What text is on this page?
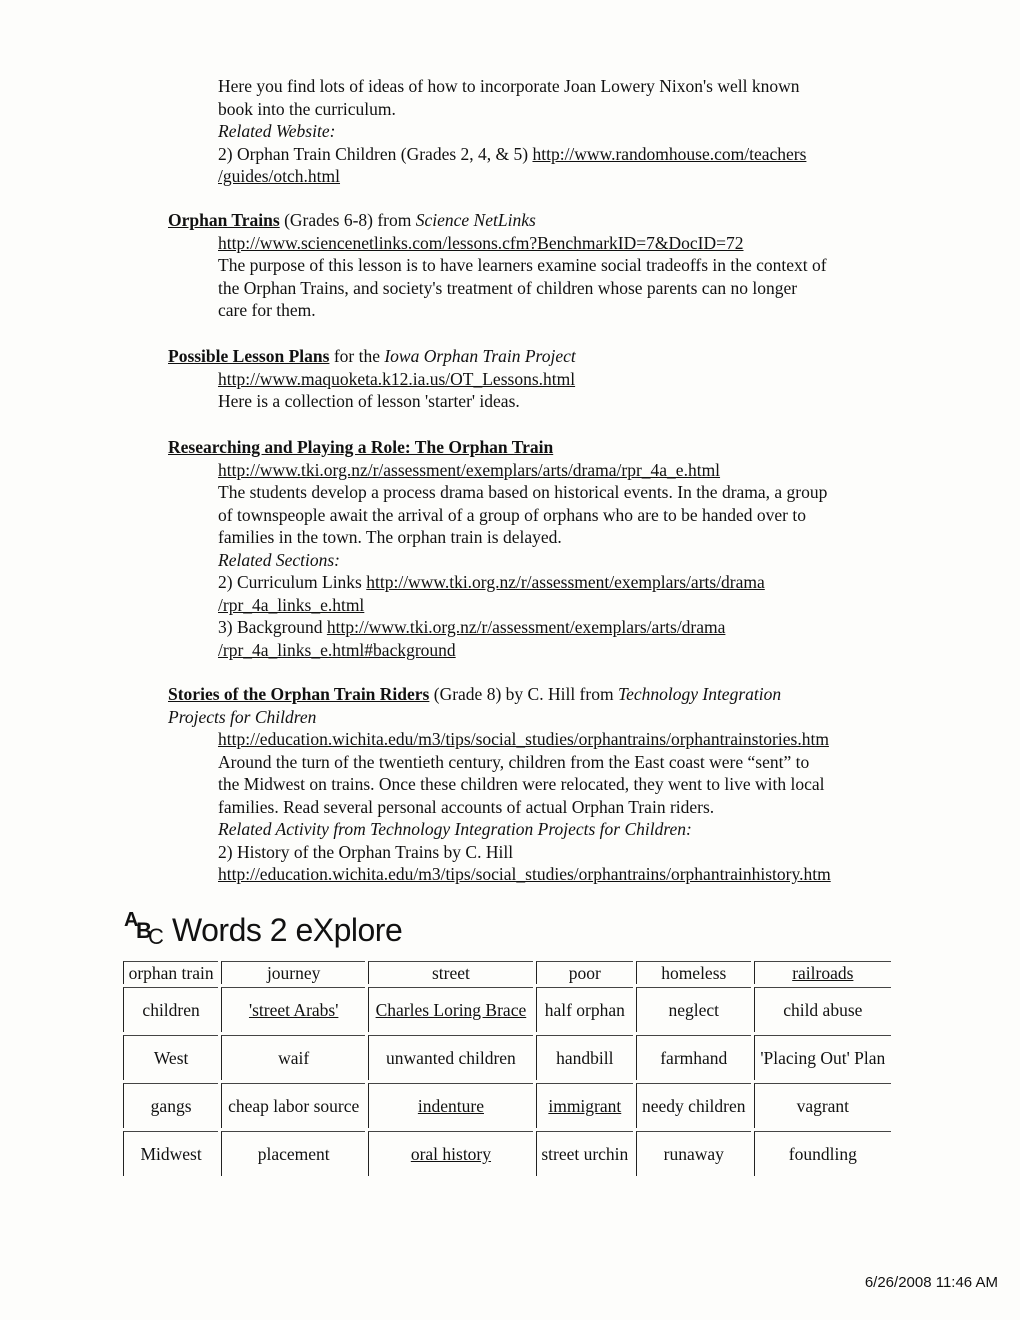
Here you find lots of ideas of how to incorporate Joan Lowery Nixon's well known
book into the curriculum.
Related Website:
2) Orphan Train Children (Grades 2, 4, & 5) http://www.randomhouse.com/teachers
/guides/otch.html
Orphan Trains (Grades 6-8) from Science NetLinks
http://www.sciencenetlinks.com/lessons.cfm?BenchmarkID=7&DocID=72
The purpose of this lesson is to have learners examine social tradeoffs in the context of
the Orphan Trains, and society's treatment of children whose parents can no longer
care for them.
Possible Lesson Plans for the Iowa Orphan Train Project
http://www.maquoketa.k12.ia.us/OT_Lessons.html
Here is a collection of lesson 'starter' ideas.
Researching and Playing a Role: The Orphan Train
http://www.tki.org.nz/r/assessment/exemplars/arts/drama/rpr_4a_e.html
The students develop a process drama based on historical events. In the drama, a group
of townspeople await the arrival of a group of orphans who are to be handed over to
families in the town. The orphan train is delayed.
Related Sections:
2) Curriculum Links http://www.tki.org.nz/r/assessment/exemplars/arts/drama
/rpr_4a_links_e.html
3) Background http://www.tki.org.nz/r/assessment/exemplars/arts/drama
/rpr_4a_links_e.html#background
Stories of the Orphan Train Riders (Grade 8) by C. Hill from Technology Integration
Projects for Children
http://education.wichita.edu/m3/tips/social_studies/orphantrains/orphantrainstories.htm
Around the turn of the twentieth century, children from the East coast were “sent” to
the Midwest on trains. Once these children were relocated, they went to live with local
families. Read several personal accounts of actual Orphan Train riders.
Related Activity from Technology Integration Projects for Children:
2) History of the Orphan Trains by C. Hill
http://education.wichita.edu/m3/tips/social_studies/orphantrains/orphantrainhistory.htm
A
B
C Words 2 eXplore
orphan train	journey	street	poor	homeless	railroads
children	'street Arabs'	Charles Loring Brace	half orphan	neglect	child abuse
West	waif	unwanted children	handbill	farmhand	'Placing Out' Plan
gangs	cheap labor source	indenture	immigrant	needy children	vagrant
Midwest	placement	oral history	street urchin	runaway	foundling
6/26/2008 11:46 AM
